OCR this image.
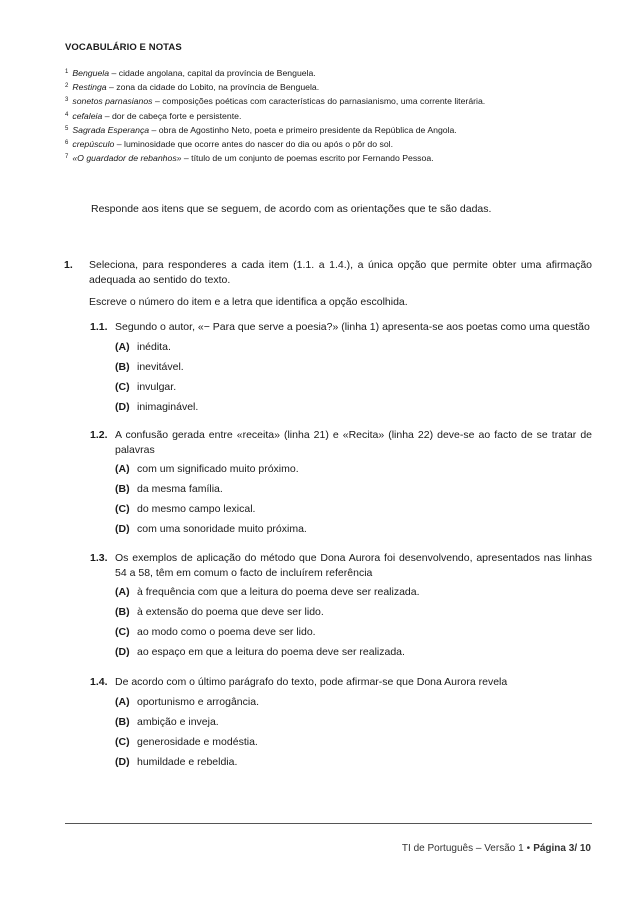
VOCABULÁRIO E NOTAS
$^1$ Benguela – cidade angolana, capital da província de Benguela.
$^2$ Restinga – zona da cidade do Lobito, na província de Benguela.
$^3$ sonetos parnasianos – composições poéticas com características do parnasianismo, uma corrente literária.
$^4$ cefaleia – dor de cabeça forte e persistente.
$^5$ Sagrada Esperança – obra de Agostinho Neto, poeta e primeiro presidente da República de Angola.
$^6$ crepúsculo – luminosidade que ocorre antes do nascer do dia ou após o pôr do sol.
$^7$ «O guardador de rebanhos» – título de um conjunto de poemas escrito por Fernando Pessoa.
Responde aos itens que se seguem, de acordo com as orientações que te são dadas.
1. Seleciona, para responderes a cada item (1.1. a 1.4.), a única opção que permite obter uma afirmação adequada ao sentido do texto.
Escreve o número do item e a letra que identifica a opção escolhida.
1.1. Segundo o autor, «− Para que serve a poesia?» (linha 1) apresenta-se aos poetas como uma questão
(A) inédita.
(B) inevitável.
(C) invulgar.
(D) inimaginável.
1.2. A confusão gerada entre «receita» (linha 21) e «Recita» (linha 22) deve-se ao facto de se tratar de palavras
(A) com um significado muito próximo.
(B) da mesma família.
(C) do mesmo campo lexical.
(D) com uma sonoridade muito próxima.
1.3. Os exemplos de aplicação do método que Dona Aurora foi desenvolvendo, apresentados nas linhas 54 a 58, têm em comum o facto de incluírem referência
(A) à frequência com que a leitura do poema deve ser realizada.
(B) à extensão do poema que deve ser lido.
(C) ao modo como o poema deve ser lido.
(D) ao espaço em que a leitura do poema deve ser realizada.
1.4. De acordo com o último parágrafo do texto, pode afirmar-se que Dona Aurora revela
(A) oportunismo e arrogância.
(B) ambição e inveja.
(C) generosidade e modéstia.
(D) humildade e rebeldia.
TI de Português – Versão 1 • Página 3/ 10
